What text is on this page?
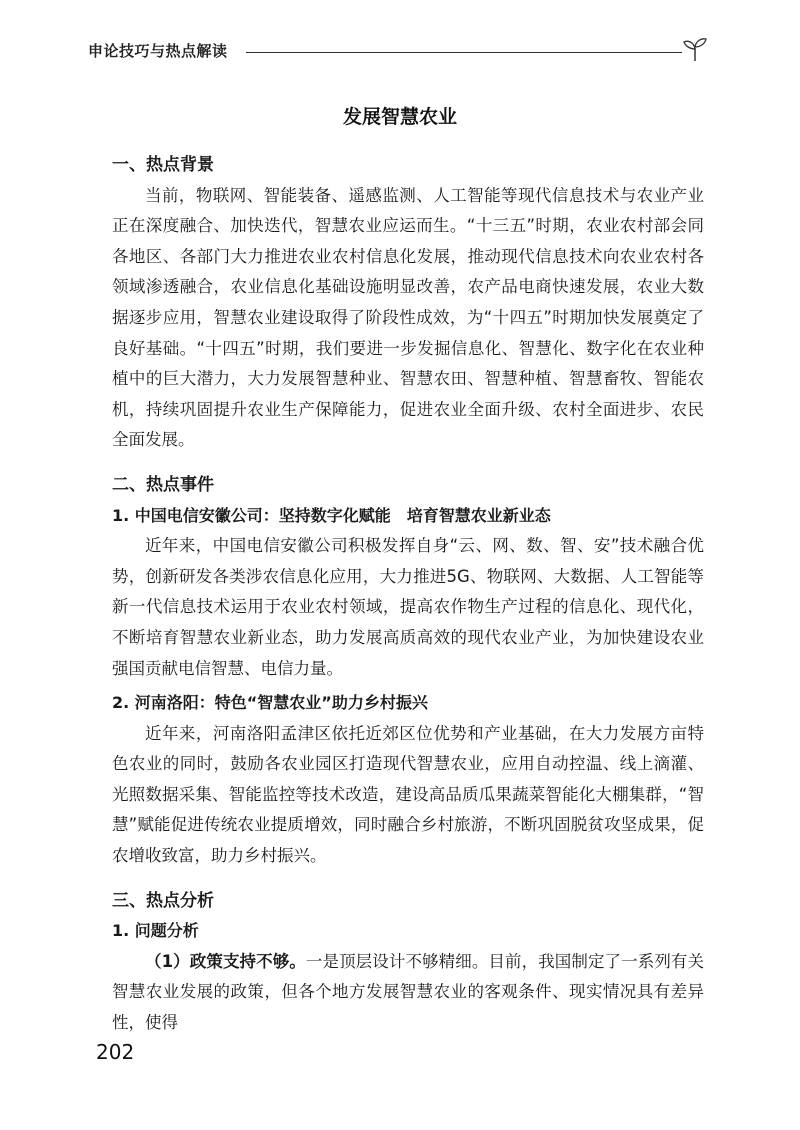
申论技巧与热点解读
发展智慧农业

一、热点背景

当前，物联网、智能装备、遥感监测、人工智能等现代信息技术与农业产业正在深度融合、加快迭代，智慧农业应运而生。“十三五”时期，农业农村部会同各地区、各部门大力推进农业农村信息化发展，推动现代信息技术向农业农村各领域渗透融合，农业信息化基础设施明显改善，农产品电商快速发展，农业大数据逐步应用，智慧农业建设取得了阶段性成效，为“十四五”时期加快发展奠定了良好基础。“十四五”时期，我们要进一步发掘信息化、智慧化、数字化在农业种植中的巨大潜力，大力发展智慧种业、智慧农田、智慧种植、智慧畜牧、智能农机，持续巩固提升农业生产保障能力，促进农业全面升级、农村全面进步、农民全面发展。

二、热点事件

1. 中国电信安徽公司：坚持数字化赋能　培育智慧农业新业态

近年来，中国电信安徽公司积极发挥自身“云、网、数、智、安”技术融合优势，创新研发各类涉农信息化应用，大力推进5G、物联网、大数据、人工智能等新一代信息技术运用于农业农村领域，提高农作物生产过程的信息化、现代化，不断培育智慧农业新业态，助力发展高质高效的现代农业产业，为加快建设农业强国贡献电信智慧、电信力量。

2. 河南洛阳：特色“智慧农业”助力乡村振兴

近年来，河南洛阳孟津区依托近郊区位优势和产业基础，在大力发展方亩特色农业的同时，鼓励各农业园区打造现代智慧农业，应用自动控温、线上滴灌、光照数据采集、智能监控等技术改造，建设高品质瓜果蔬菜智能化大棚集群，“智慧”赋能促进传统农业提质增效，同时融合乡村旅游，不断巩固脱贫攻坚成果，促农增收致富，助力乡村振兴。

三、热点分析

1. 问题分析

（1）政策支持不够。一是顶层设计不够精细。目前，我国制定了一系列有关智慧农业发展的政策，但各个地方发展智慧农业的客观条件、现实情况具有差异性，使得

202
